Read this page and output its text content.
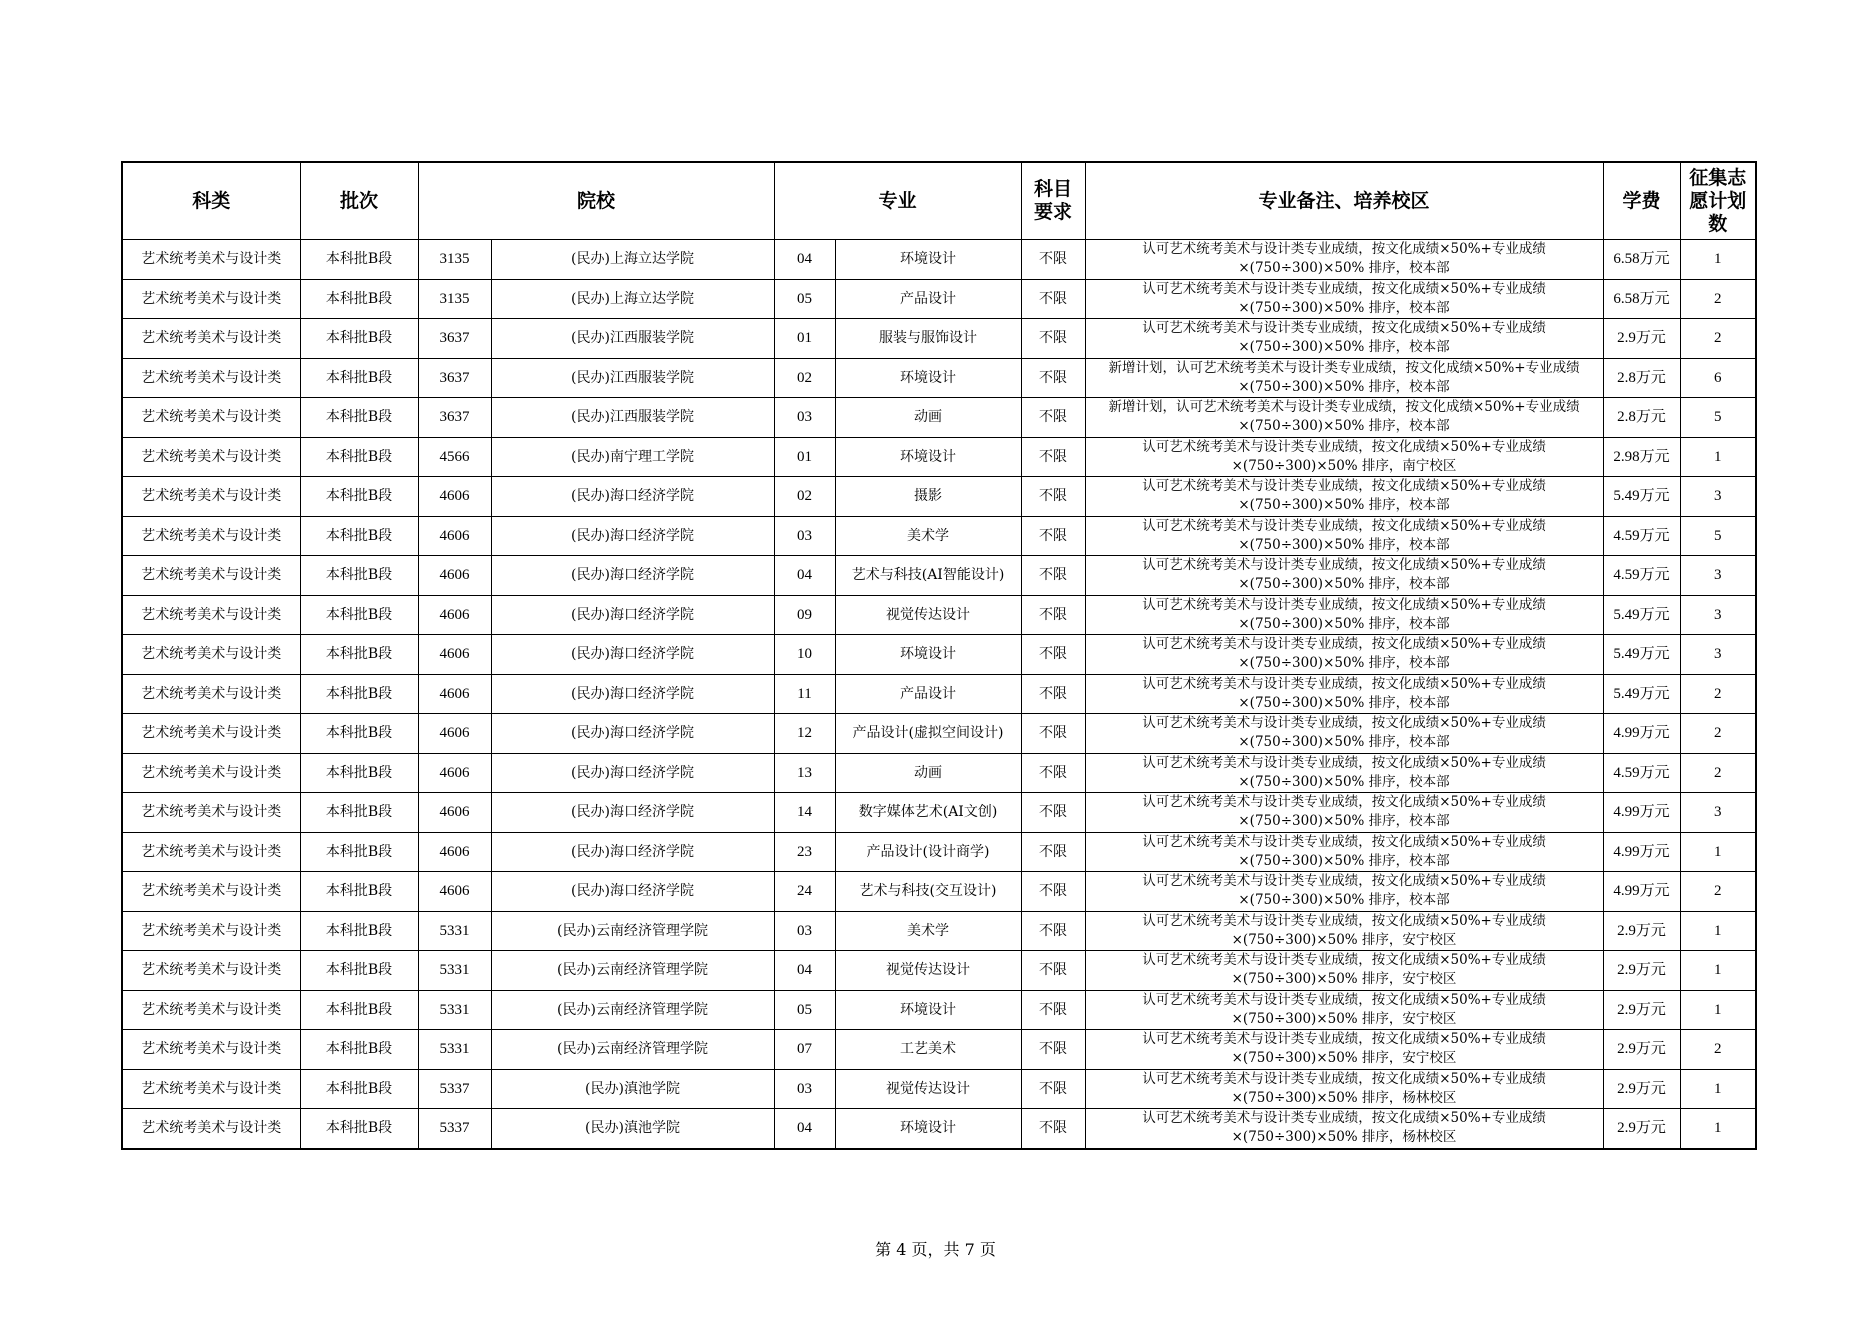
科类	批次	院校		专业		科目要求	专业备注、培养校区	学费	征集志愿计划数
艺术统考美术与设计类	本科批B段	3135	(民办)上海立达学院	04	环境设计	不限	认可艺术统考美术与设计类专业成绩，按文化成绩×50%+专业成绩×(750÷300)×50% 排序，校本部	6.58万元	1
艺术统考美术与设计类	本科批B段	3135	(民办)上海立达学院	05	产品设计	不限	认可艺术统考美术与设计类专业成绩，按文化成绩×50%+专业成绩×(750÷300)×50% 排序，校本部	6.58万元	2
艺术统考美术与设计类	本科批B段	3637	(民办)江西服装学院	01	服装与服饰设计	不限	认可艺术统考美术与设计类专业成绩，按文化成绩×50%+专业成绩×(750÷300)×50% 排序，校本部	2.9万元	2
艺术统考美术与设计类	本科批B段	3637	(民办)江西服装学院	02	环境设计	不限	新增计划，认可艺术统考美术与设计类专业成绩，按文化成绩×50%+专业成绩×(750÷300)×50% 排序，校本部	2.8万元	6
艺术统考美术与设计类	本科批B段	3637	(民办)江西服装学院	03	动画	不限	新增计划，认可艺术统考美术与设计类专业成绩，按文化成绩×50%+专业成绩×(750÷300)×50% 排序，校本部	2.8万元	5
艺术统考美术与设计类	本科批B段	4566	(民办)南宁理工学院	01	环境设计	不限	认可艺术统考美术与设计类专业成绩，按文化成绩×50%+专业成绩×(750÷300)×50% 排序，南宁校区	2.98万元	1
艺术统考美术与设计类	本科批B段	4606	(民办)海口经济学院	02	摄影	不限	认可艺术统考美术与设计类专业成绩，按文化成绩×50%+专业成绩×(750÷300)×50% 排序，校本部	5.49万元	3
艺术统考美术与设计类	本科批B段	4606	(民办)海口经济学院	03	美术学	不限	认可艺术统考美术与设计类专业成绩，按文化成绩×50%+专业成绩×(750÷300)×50% 排序，校本部	4.59万元	5
艺术统考美术与设计类	本科批B段	4606	(民办)海口经济学院	04	艺术与科技(AI智能设计)	不限	认可艺术统考美术与设计类专业成绩，按文化成绩×50%+专业成绩×(750÷300)×50% 排序，校本部	4.59万元	3
艺术统考美术与设计类	本科批B段	4606	(民办)海口经济学院	09	视觉传达设计	不限	认可艺术统考美术与设计类专业成绩，按文化成绩×50%+专业成绩×(750÷300)×50% 排序，校本部	5.49万元	3
艺术统考美术与设计类	本科批B段	4606	(民办)海口经济学院	10	环境设计	不限	认可艺术统考美术与设计类专业成绩，按文化成绩×50%+专业成绩×(750÷300)×50% 排序，校本部	5.49万元	3
艺术统考美术与设计类	本科批B段	4606	(民办)海口经济学院	11	产品设计	不限	认可艺术统考美术与设计类专业成绩，按文化成绩×50%+专业成绩×(750÷300)×50% 排序，校本部	5.49万元	2
艺术统考美术与设计类	本科批B段	4606	(民办)海口经济学院	12	产品设计(虚拟空间设计)	不限	认可艺术统考美术与设计类专业成绩，按文化成绩×50%+专业成绩×(750÷300)×50% 排序，校本部	4.99万元	2
艺术统考美术与设计类	本科批B段	4606	(民办)海口经济学院	13	动画	不限	认可艺术统考美术与设计类专业成绩，按文化成绩×50%+专业成绩×(750÷300)×50% 排序，校本部	4.59万元	2
艺术统考美术与设计类	本科批B段	4606	(民办)海口经济学院	14	数字媒体艺术(AI文创)	不限	认可艺术统考美术与设计类专业成绩，按文化成绩×50%+专业成绩×(750÷300)×50% 排序，校本部	4.99万元	3
艺术统考美术与设计类	本科批B段	4606	(民办)海口经济学院	23	产品设计(设计商学)	不限	认可艺术统考美术与设计类专业成绩，按文化成绩×50%+专业成绩×(750÷300)×50% 排序，校本部	4.99万元	1
艺术统考美术与设计类	本科批B段	4606	(民办)海口经济学院	24	艺术与科技(交互设计)	不限	认可艺术统考美术与设计类专业成绩，按文化成绩×50%+专业成绩×(750÷300)×50% 排序，校本部	4.99万元	2
艺术统考美术与设计类	本科批B段	5331	(民办)云南经济管理学院	03	美术学	不限	认可艺术统考美术与设计类专业成绩，按文化成绩×50%+专业成绩×(750÷300)×50% 排序，安宁校区	2.9万元	1
艺术统考美术与设计类	本科批B段	5331	(民办)云南经济管理学院	04	视觉传达设计	不限	认可艺术统考美术与设计类专业成绩，按文化成绩×50%+专业成绩×(750÷300)×50% 排序，安宁校区	2.9万元	1
艺术统考美术与设计类	本科批B段	5331	(民办)云南经济管理学院	05	环境设计	不限	认可艺术统考美术与设计类专业成绩，按文化成绩×50%+专业成绩×(750÷300)×50% 排序，安宁校区	2.9万元	1
艺术统考美术与设计类	本科批B段	5331	(民办)云南经济管理学院	07	工艺美术	不限	认可艺术统考美术与设计类专业成绩，按文化成绩×50%+专业成绩×(750÷300)×50% 排序，安宁校区	2.9万元	2
艺术统考美术与设计类	本科批B段	5337	(民办)滇池学院	03	视觉传达设计	不限	认可艺术统考美术与设计类专业成绩，按文化成绩×50%+专业成绩×(750÷300)×50% 排序，杨林校区	2.9万元	1
艺术统考美术与设计类	本科批B段	5337	(民办)滇池学院	04	环境设计	不限	认可艺术统考美术与设计类专业成绩，按文化成绩×50%+专业成绩×(750÷300)×50% 排序，杨林校区	2.9万元	1
第 4 页，共 7 页
